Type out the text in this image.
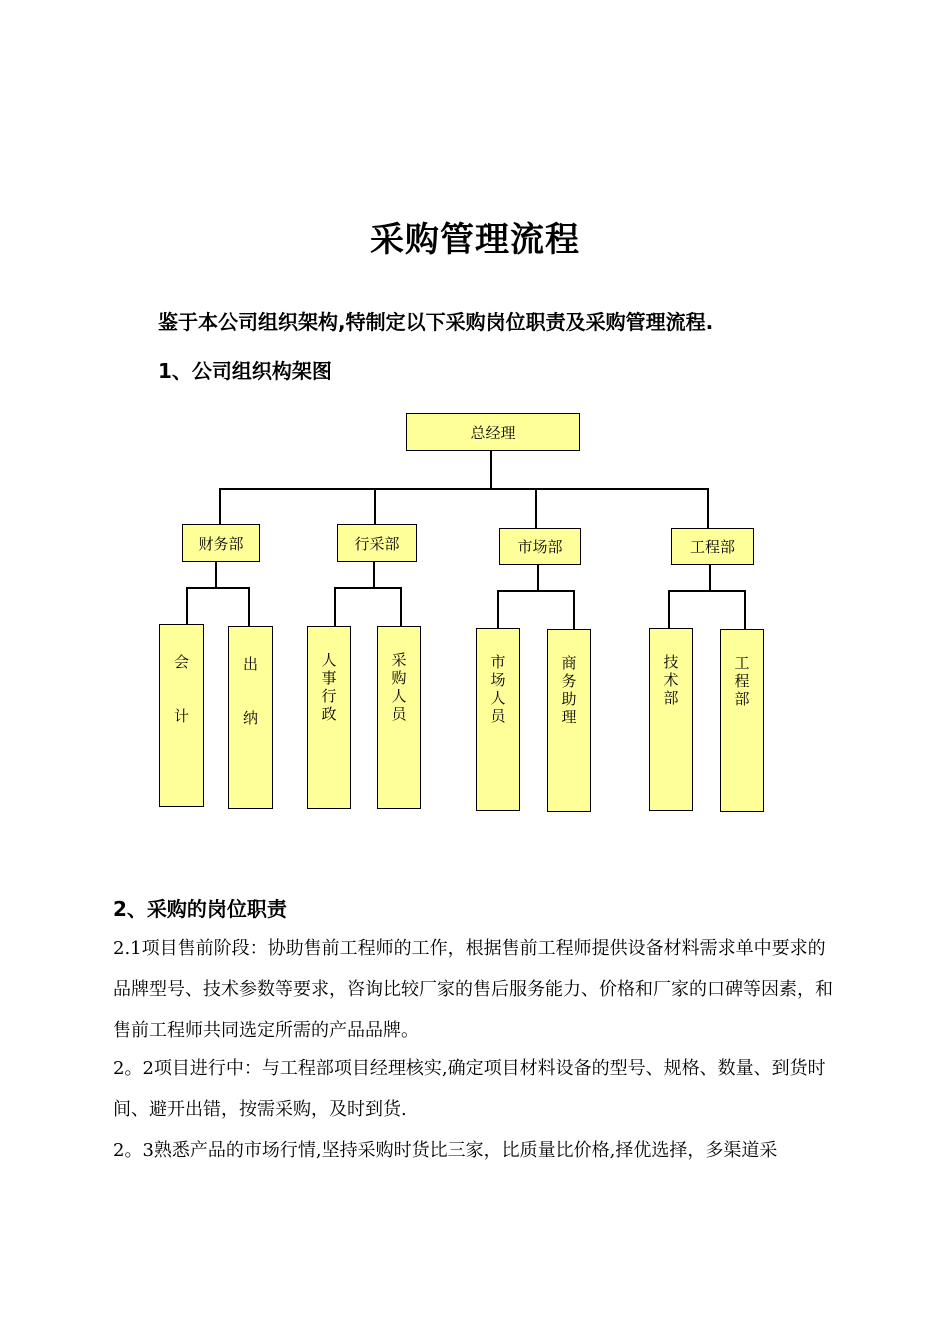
采购管理流程
鉴于本公司组织架构,特制定以下采购岗位职责及采购管理流程.
1、公司组织构架图
总经理
财务部	行采部	市场部	工程部
会计
出纳
人事行政
采购人员
市场人员
商务助理
技术部
工程部
2、采购的岗位职责
2.1项目售前阶段：协助售前工程师的工作，根据售前工程师提供设备材料需求单中要求的品牌型号、技术参数等要求，咨询比较厂家的售后服务能力、价格和厂家的口碑等因素，和售前工程师共同选定所需的产品品牌。
2。2项目进行中：与工程部项目经理核实,确定项目材料设备的型号、规格、数量、到货时间、避开出错，按需采购，及时到货.
2。3熟悉产品的市场行情,坚持采购时货比三家，比质量比价格,择优选择，多渠道采
